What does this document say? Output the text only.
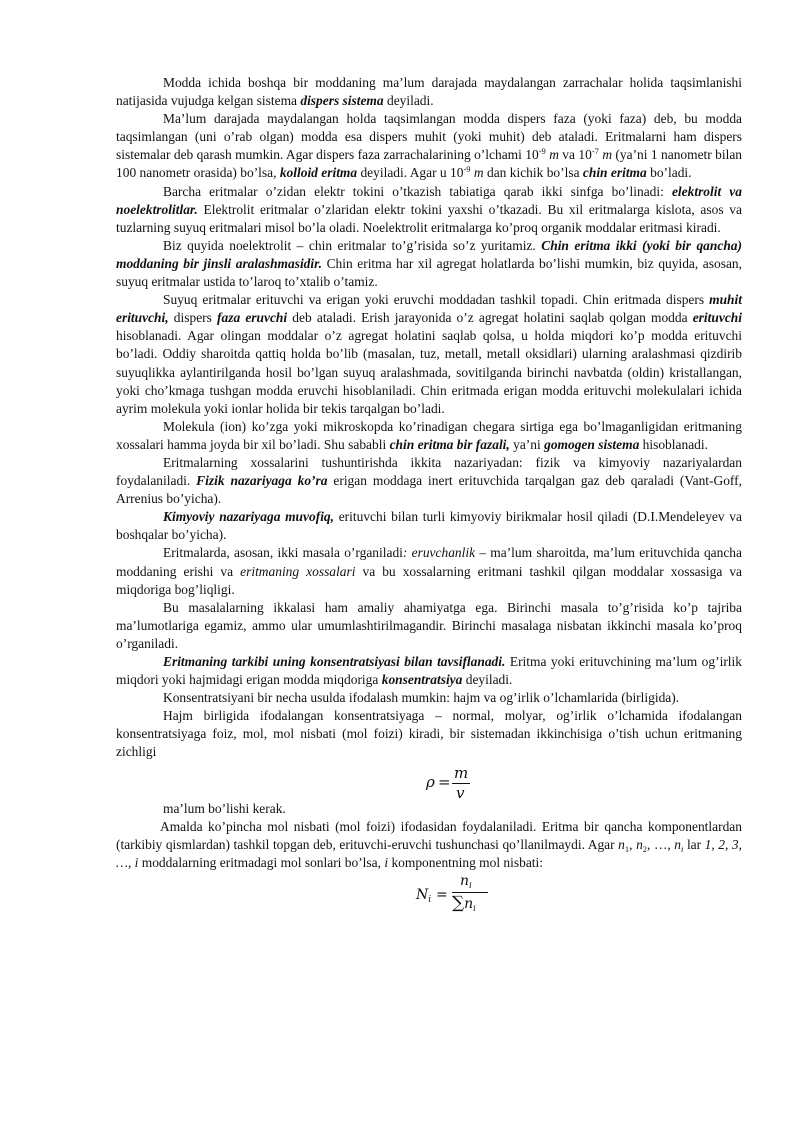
Modda ichida boshqa bir moddaning ma’lum darajada maydalangan zarrachalar holida taqsimlanishi natijasida vujudga kelgan sistema dispers sistema deyiladi.

Ma’lum darajada maydalangan holda taqsimlangan modda dispers faza (yoki faza) deb, bu modda taqsimlangan (uni o’rab olgan) modda esa dispers muhit (yoki muhit) deb ataladi. Eritmalarni ham dispers sistemalar deb qarash mumkin. Agar dispers faza zarrachalarining o’lchami $10^{-9}$ m va $10^{-7}$ m (ya’ni 1 nanometr bilan 100 nanometr orasida) bo’lsa, kolloid eritma deyiladi. Agar u $10^{-9}$ m dan kichik bo’lsa chin eritma bo’ladi.

Barcha eritmalar o’zidan elektr tokini o’tkazish tabiatiga qarab ikki sinfga bo’linadi: elektrolit va noelektrolitlar. Elektrolit eritmalar o’zlaridan elektr tokini yaxshi o’tkazadi. Bu xil eritmalarga kislota, asos va tuzlarning suyuq eritmalari misol bo’la oladi. Noelektrolit eritmalarga ko’proq organik moddalar eritmasi kiradi.

Biz quyida noelektrolit – chin eritmalar to’g’risida so’z yuritamiz. Chin eritma ikki (yoki bir qancha) moddaning bir jinsli aralashmasidir. Chin eritma har xil agregat holatlarda bo’lishi mumkin, biz quyida, asosan, suyuq eritmalar ustida to’laroq to’xtalib o’tamiz.

Suyuq eritmalar erituvchi va erigan yoki eruvchi moddadan tashkil topadi. Chin eritmada dispers muhit erituvchi, dispers faza eruvchi deb ataladi. Erish jarayonida o’z agregat holatini saqlab qolgan modda erituvchi hisoblanadi. Agar olingan moddalar o’z agregat holatini saqlab qolsa, u holda miqdori ko’p modda erituvchi bo’ladi. Oddiy sharoitda qattiq holda bo’lib (masalan, tuz, metall, metall oksidlari) ularning aralashmasi qizdirib suyuqlikka aylantirilganda hosil bo’lgan suyuq aralashmada, sovitilganda birinchi navbatda (oldin) kristallangan, yoki cho’kmaga tushgan modda eruvchi hisoblaniladi. Chin eritmada erigan modda erituvchi molekulalari ichida ayrim molekula yoki ionlar holida bir tekis tarqalgan bo’ladi.

Molekula (ion) ko’zga yoki mikroskopda ko’rinadigan chegara sirtiga ega bo’lmaganligidan eritmaning xossalari hamma joyda bir xil bo’ladi. Shu sababli chin eritma bir fazali, ya’ni gomogen sistema hisoblanadi.

Eritmalarning xossalarini tushuntirishda ikkita nazariyadan: fizik va kimyoviy nazariyalardan foydalaniladi. Fizik nazariyaga ko’ra erigan moddaga inert erituvchida tarqalgan gaz deb qaraladi (Vant-Goff, Arrenius bo’yicha).

Kimyoviy nazariyaga muvofiq, erituvchi bilan turli kimyoviy birikmalar hosil qiladi (D.I.Mendeleyev va boshqalar bo’yicha).

Eritmalarda, asosan, ikki masala o’rganiladi: eruvchanlik – ma’lum sharoitda, ma’lum erituvchida qancha moddaning erishi va eritmaning xossalari va bu xossalarning eritmani tashkil qilgan moddalar xossasiga va miqdoriga bog’liqligi.

Bu masalalarning ikkalasi ham amaliy ahamiyatga ega. Birinchi masala to’g’risida ko’p tajriba ma’lumotlariga egamiz, ammo ular umumlashtirilmagandir. Birinchi masalaga nisbatan ikkinchi masala ko’proq o’rganiladi.

Eritmaning tarkibi uning konsentratsiyasi bilan tavsiflanadi. Eritma yoki erituvchining ma’lum og’irlik miqdori yoki hajmidagi erigan modda miqdoriga konsentratsiya deyiladi.

Konsentratsiyani bir necha usulda ifodalash mumkin: hajm va og’irlik o’lchamlarida (birligida).

Hajm birligida ifodalangan konsentratsiyaga – normal, molyar, og’irlik o’lchamida ifodalangan konsentratsiyaga foiz, mol, mol nisbati (mol foizi) kiradi, bir sistemadan ikkinchisiga o’tish uchun eritmaning zichligi

ρ = m
v

ma’lum bo’lishi kerak.

Amalda ko’pincha mol nisbati (mol foizi) ifodasidan foydalaniladi. Eritma bir qancha komponentlardan (tarkibiy qismlardan) tashkil topgan deb, erituvchi-eruvchi tushunchasi qo’llanilmaydi. Agar $n_1$, $n_2$, …, $n_i$ lar 1, 2, 3, …, i moddalarning eritmadagi mol sonlari bo’lsa, i komponentning mol nisbati:

$N_i$ =
$n_i$
$\sum n_i$
